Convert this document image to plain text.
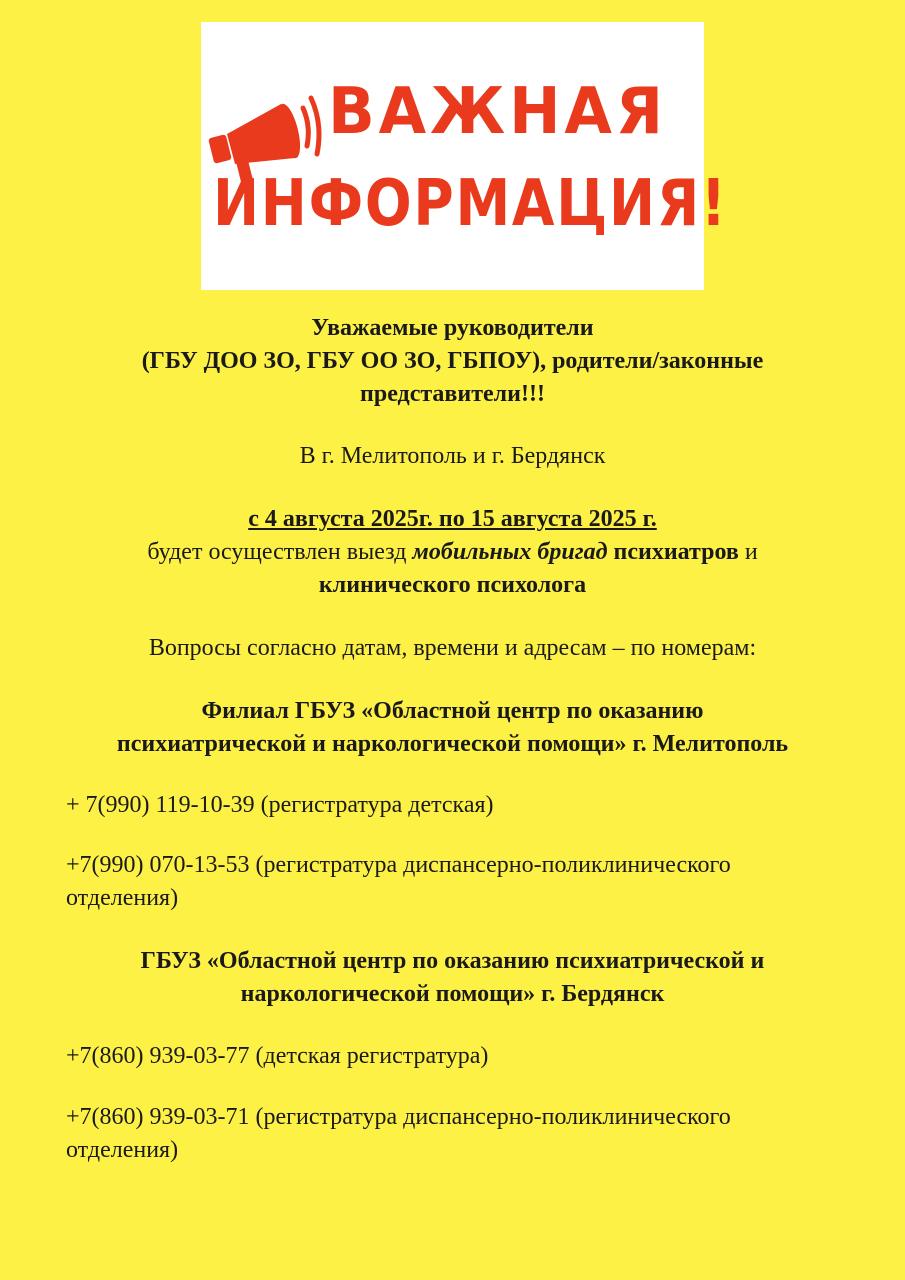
ВАЖНАЯ
ИНФОРМАЦИЯ!
Уважаемые руководители
(ГБУ ДОО ЗО, ГБУ ОО ЗО, ГБПОУ), родители/законные
представители!!!
В г. Мелитополь и г. Бердянск
с 4 августа 2025г. по 15 августа 2025 г.
будет осуществлен выезд мобильных бригад психиатров и
клинического психолога
Вопросы согласно датам, времени и адресам – по номерам:
Филиал ГБУЗ «Областной центр по оказанию
психиатрической и наркологической помощи» г. Мелитополь
+ 7(990) 119-10-39 (регистратура детская)
+7(990) 070-13-53 (регистратура диспансерно-поликлинического
отделения)
ГБУЗ «Областной центр по оказанию психиатрической и
наркологической помощи» г. Бердянск
+7(860) 939-03-77 (детская регистратура)
+7(860) 939-03-71 (регистратура диспансерно-поликлинического
отделения)
